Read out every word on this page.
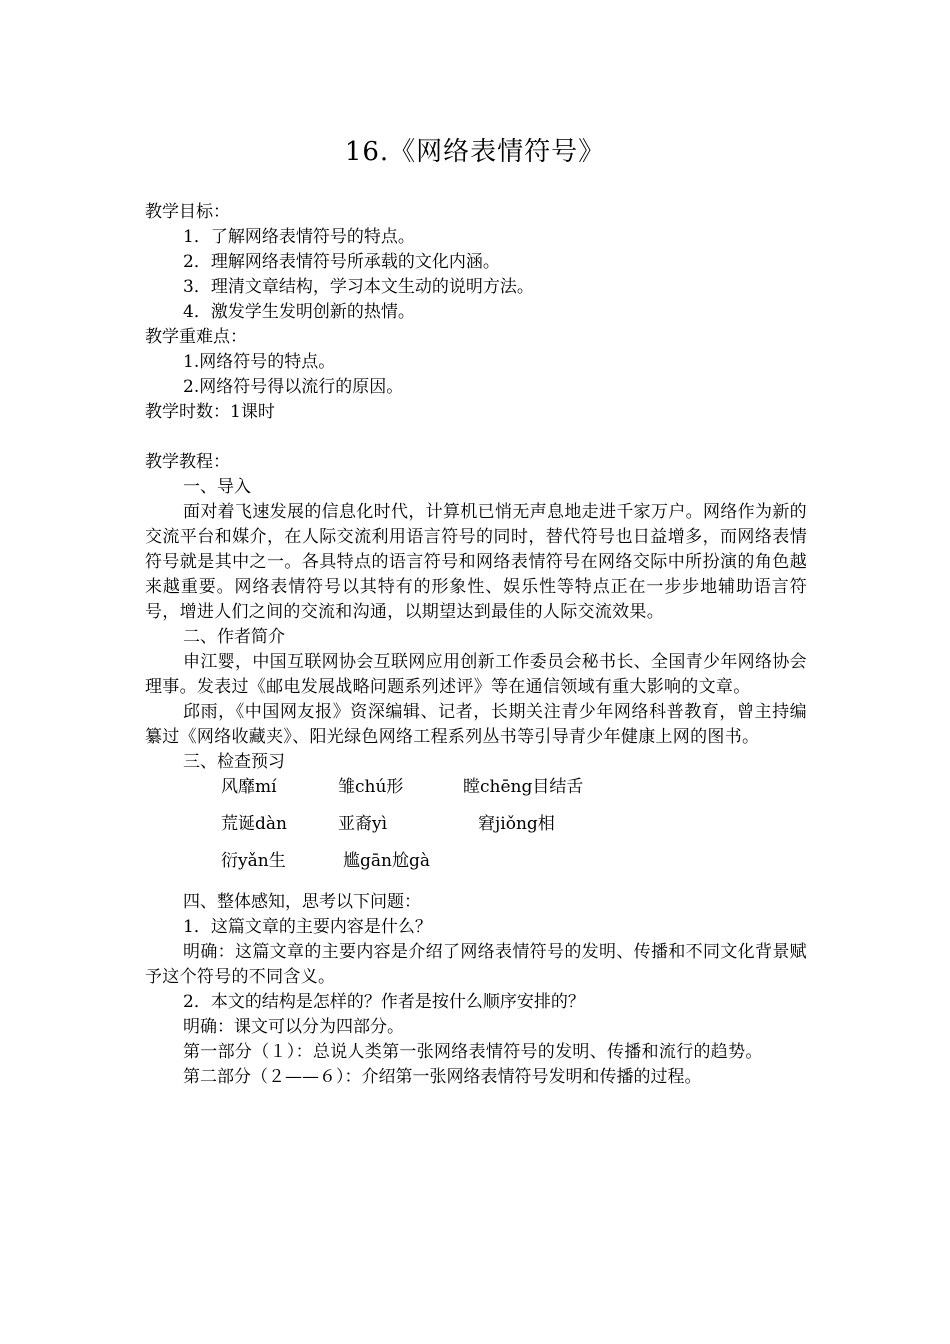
16.《网络表情符号》
教学目标：
1．了解网络表情符号的特点。
2．理解网络表情符号所承载的文化内涵。
3．理清文章结构，学习本文生动的说明方法。
4．激发学生发明创新的热情。
教学重难点：
1.网络符号的特点。
2.网络符号得以流行的原因。
教学时数：1课时
教学教程：
一、导入
面对着飞速发展的信息化时代，计算机已悄无声息地走进千家万户。网络作为新的交流平台和媒介，在人际交流利用语言符号的同时，替代符号也日益增多，而网络表情符号就是其中之一。各具特点的语言符号和网络表情符号在网络交际中所扮演的角色越来越重要。网络表情符号以其特有的形象性、娱乐性等特点正在一步步地辅助语言符号，增进人们之间的交流和沟通，以期望达到最佳的人际交流效果。
二、作者简介
申江婴，中国互联网协会互联网应用创新工作委员会秘书长、全国青少年网络协会理事。发表过《邮电发展战略问题系列述评》等在通信领域有重大影响的文章。
邱雨，《中国网友报》资深编辑、记者，长期关注青少年网络科普教育，曾主持编纂过《网络收藏夹》、阳光绿色网络工程系列丛书等引导青少年健康上网的图书。
三、检查预习
风靡mí	雏chú形	瞠chēng目结舌
荒诞dàn	亚裔yì	窘jiǒng相
衍yǎn生	尴gān尬gà
四、整体感知，思考以下问题：
1．这篇文章的主要内容是什么？
明确：这篇文章的主要内容是介绍了网络表情符号的发明、传播和不同文化背景赋予这个符号的不同含义。
2．本文的结构是怎样的？作者是按什么顺序安排的？
明确：课文可以分为四部分。
第一部分（１）：总说人类第一张网络表情符号的发明、传播和流行的趋势。
第二部分（２——６）：介绍第一张网络表情符号发明和传播的过程。
